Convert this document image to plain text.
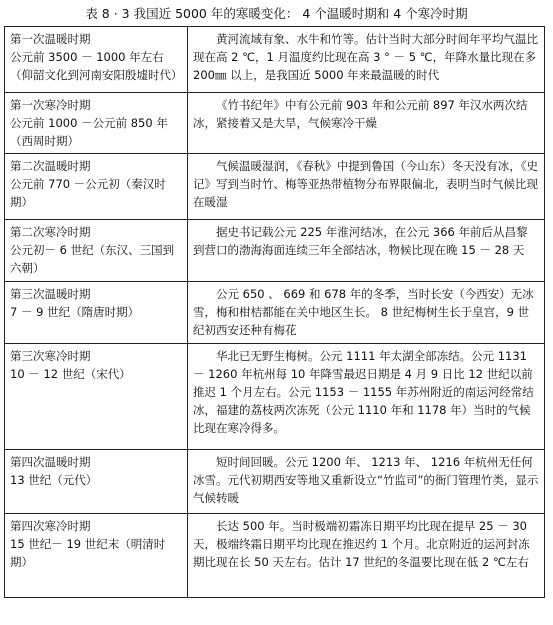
表 8 · 3 我国近 5000 年的寒暖变化： 4 个温暖时期和 4 个寒冷时期
第一次温暖时期
公元前 3500 － 1000 年左右（仰韶文化到河南安阳殷墟时代）	黄河流域有象、水牛和竹等。估计当时大部分时间年平均气温比现在高 2 ℃，1 月温度约比现在高 3 ° － 5 ℃，年降水量比现在多 200㎜ 以上，是我国近 5000 年来最温暖的时代

第一次寒冷时期
公元前 1000 －公元前 850 年（西周时期）	《竹书纪年》中有公元前 903 年和公元前 897 年汉水两次结冰，紧接着又是大旱，气候寒冷干燥

第二次温暖时期
公元前 770 －公元初（秦汉时期）	气候温暖湿润，《春秋》中提到鲁国（今山东）冬天没有冰，《史记》写到当时竹、梅等亚热带植物分布界限偏北，表明当时气候比现在暖湿

第二次寒冷时期
公元初－ 6 世纪（东汉、三国到六朝）	据史书记载公元 225 年淮河结冰，在公元 366 年前后从昌黎到营口的渤海海面连续三年全部结冰，物候比现在晚 15 － 28 天

第三次温暖时期
7 － 9 世纪（隋唐时期）	公元 650 、 669 和 678 年的冬季，当时长安（今西安）无冰雪，梅和柑桔都能在关中地区生长。 8 世纪梅树生长于皇宫，9 世纪初西安还种有梅花

第三次寒冷时期
10 － 12 世纪（宋代）	华北已无野生梅树。公元 1111 年太湖全部冻结。公元 1131 － 1260 年杭州每 10 年降雪最迟日期是 4 月 9 日比 12 世纪以前推迟 1 个月左右。公元 1153 － 1155 年苏州附近的南运河经常结冰，福建的荔枝两次冻死（公元 1110 年和 1178 年）当时的气候比现在寒冷得多。

第四次温暖时期
13 世纪（元代）	短时间回暖。公元 1200 年、 1213 年、 1216 年杭州无任何冰雪。元代初期西安等地又重新设立“竹监司”的衙门管理竹类，显示气候转暖

第四次寒冷时期
15 世纪－ 19 世纪末（明清时期）	长达 500 年。当时极端初霜冻日期平均比现在提早 25 － 30 天，极端终霜日期平均比现在推迟约 1 个月。北京附近的运河封冻期比现在长 50 天左右。估计 17 世纪的冬温要比现在低 2 ℃左右
